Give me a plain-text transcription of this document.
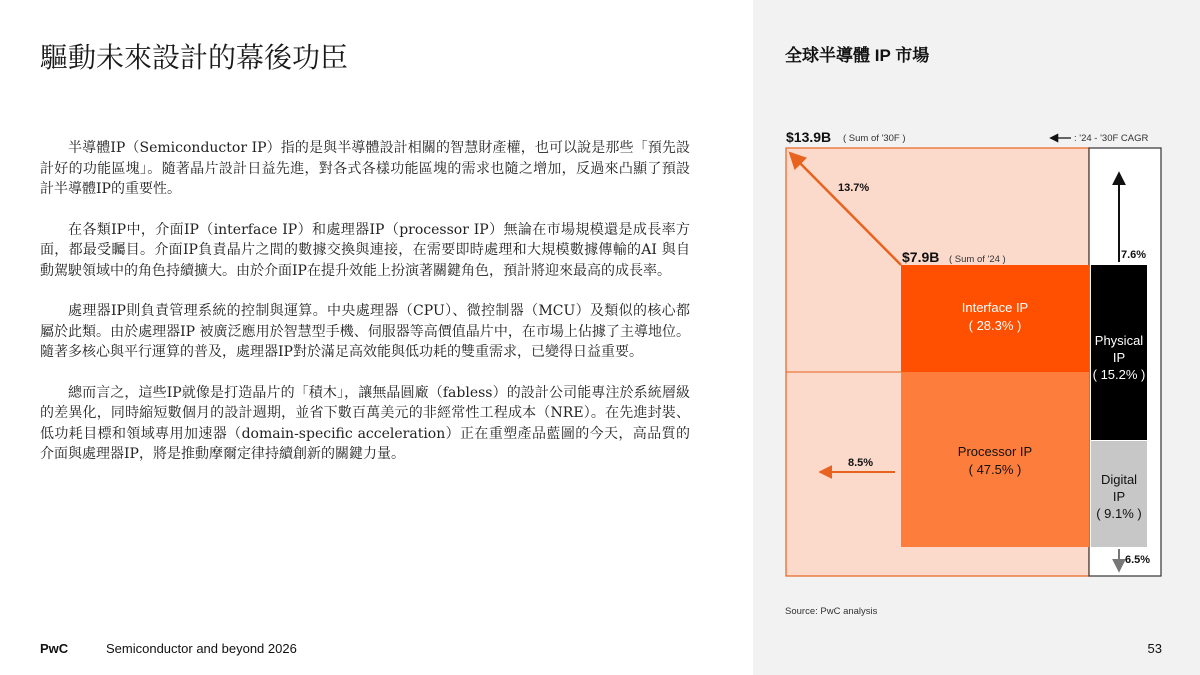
驅動未來設計的幕後功臣

半導體IP（Semiconductor IP）指的是與半導體設計相關的智慧財產權，也可以說是那些「預先設計好的功能區塊」。隨著晶片設計日益先進，對各式各樣功能區塊的需求也隨之增加，反過來凸顯了預設計半導體IP的重要性。

在各類IP中，介面IP（interface IP）和處理器IP（processor IP）無論在市場規模還是成長率方面，都最受矚目。介面IP負責晶片之間的數據交換與連接，在需要即時處理和大規模數據傳輸的AI 與自動駕駛領域中的角色持續擴大。由於介面IP在提升效能上扮演著關鍵角色，預計將迎來最高的成長率。

處理器IP則負責管理系統的控制與運算。中央處理器（CPU）、微控制器（MCU）及類似的核心都屬於此類。由於處理器IP 被廣泛應用於智慧型手機、伺服器等高價值晶片中，在市場上佔據了主導地位。隨著多核心與平行運算的普及，處理器IP對於滿足高效能與低功耗的雙重需求，已變得日益重要。

總而言之，這些IP就像是打造晶片的「積木」，讓無晶圓廠（fabless）的設計公司能專注於系統層級的差異化，同時縮短數個月的設計週期，並省下數百萬美元的非經常性工程成本（NRE）。在先進封裝、低功耗目標和領域專用加速器（domain-specific acceleration）正在重塑產品藍圖的今天，高品質的介面與處理器IP，將是推動摩爾定律持續創新的關鍵力量。

全球半導體 IP 市場
$13.9B ( Sum of '30F )
$7.9B ( Sum of '24 )
: '24 - '30F CAGR
13.7%
8.5%
7.6%
6.5%
Interface IP
( 28.3% )
Processor IP
( 47.5% )
Physical
IP
( 15.2% )
Digital
IP
( 9.1% )
Source: PwC analysis
PwC	Semiconductor and beyond 2026	53
